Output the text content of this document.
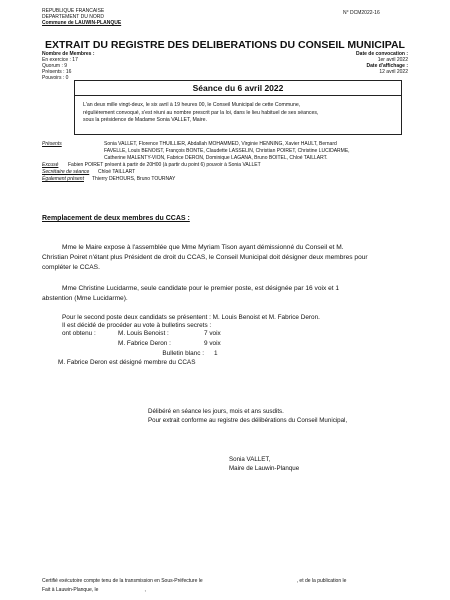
REPUBLIQUE FRANCAISE
DEPARTEMENT DU NORD
Commune de LAUWIN-PLANQUE
N° DCM2022-16
EXTRAIT DU REGISTRE DES DELIBERATIONS DU CONSEIL MUNICIPAL
Nombre de Membres :
En exercice : 17
Quorum : 9
Présents : 16
Pouvoirs : 0
Date de convocation :
1er avril 2022
Date d'affichage :
12 avril 2022
Séance du 6 avril 2022
L'an deux mille vingt-deux, le six avril à 19 heures 00, le Conseil Municipal de cette Commune,
régulièrement convoqué, s'est réuni au nombre prescrit par la loi, dans le lieu habituel de ses séances,
sous la présidence de Madame Sonia VALLET, Maire.
Présents	Sonia VALLET, Florence THUILLIER, Abdallah MOHAMMED, Virginie HENNING, Xavier HAULT, Bernard
FAVELLE, Louis BENOIST, François BONTE, Claudette LASSELIN, Christian POIRET, Christine LUCIDARME,
Catherine MALENTY-VION, Fabrice DERON, Dominique LAGANA, Bruno BOITEL, Chloé TAILLART.
Excusé Fabien POIRET présent à partir de 20H00 (à partir du point 6) pouvoir à Sonia VALLET
Secrétaire de séance Chloé TAILLART
Également présent Thierry DEHOURS, Bruno TOURNAY
Remplacement de deux membres du CCAS :
Mme le Maire expose à l'assemblée que Mme Myriam Tison ayant démissionné du Conseil et M.
Christian Poiret n'étant plus Président de droit du CCAS, le Conseil Municipal doit désigner deux membres pour
compléter le CCAS.
Mme Christine Lucidarme, seule candidate pour le premier poste, est désignée par 16 voix et 1
abstention (Mme Lucidarme).
Pour le second poste deux candidats se présentent : M. Louis Benoist et M. Fabrice Deron.
Il est décidé de procéder au vote à bulletins secrets :
ont obtenu :	M. Louis Benoist :	7 voix
M. Fabrice Deron :	9 voix
Bulletin blanc : 1
M. Fabrice Deron est désigné membre du CCAS
Délibéré en séance les jours, mois et ans susdits.
Pour extrait conforme au registre des délibérations du Conseil Municipal,
Sonia VALLET,
Maire de Lauwin-Planque
Certifié exécutoire compte tenu de la transmission en Sous-Préfecture le	, et de la publication le
Fait à Lauwin-Planque, le	,
